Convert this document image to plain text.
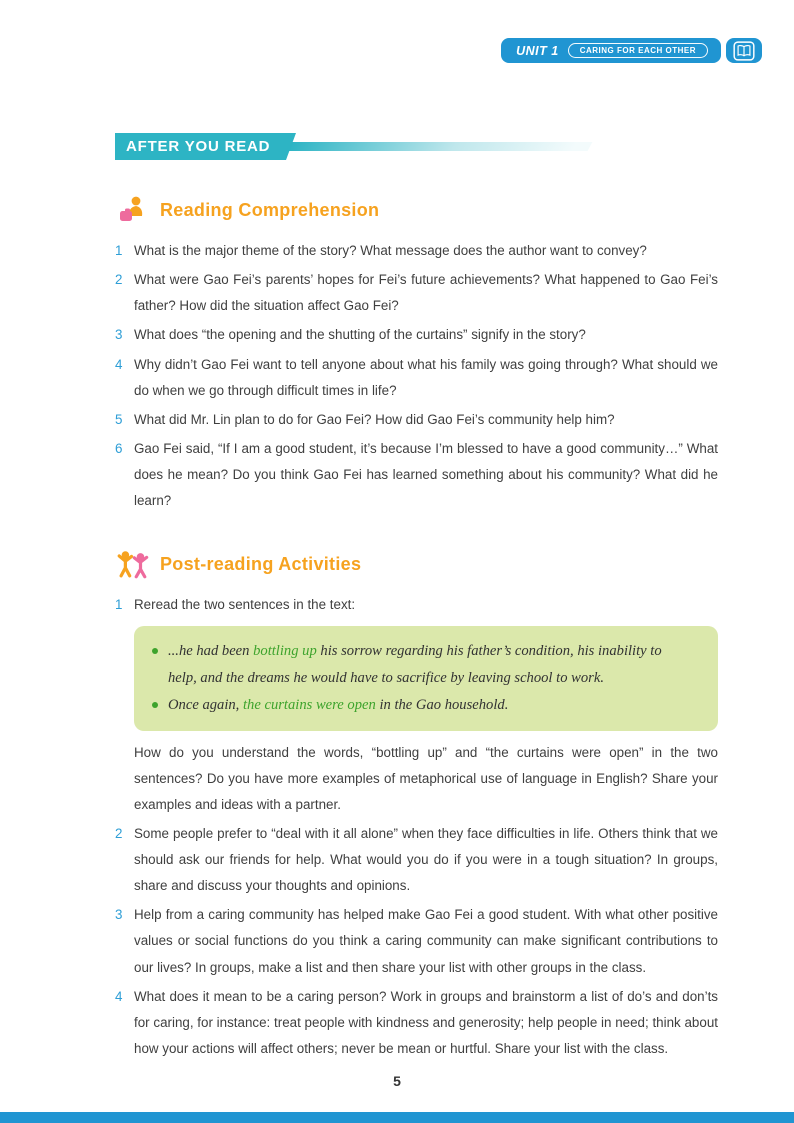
UNIT 1	CARING FOR EACH OTHER
AFTER YOU READ
Reading Comprehension
1 What is the major theme of the story? What message does the author want to convey?

2 What were Gao Fei’s parents’ hopes for Fei’s future achievements? What happened to Gao Fei’s father? How did the situation affect Gao Fei?

3 What does “the opening and the shutting of the curtains” signify in the story?

4 Why didn’t Gao Fei want to tell anyone about what his family was going through? What should we do when we go through difficult times in life?

5 What did Mr. Lin plan to do for Gao Fei? How did Gao Fei’s community help him?

6 Gao Fei said, “If I am a good student, it’s because I’m blessed to have a good community…” What does he mean? Do you think Gao Fei has learned something about his community? What did he learn?

Post-reading Activities
1 Reread the two sentences in the text:

...he had been bottling up his sorrow regarding his father’s condition, his inability to help, and the dreams he would have to sacrifice by leaving school to work.

Once again, the curtains were open in the Gao household.

How do you understand the words, “bottling up” and “the curtains were open” in the two sentences? Do you have more examples of metaphorical use of language in English? Share your examples and ideas with a partner.

2 Some people prefer to “deal with it all alone” when they face difficulties in life. Others think that we should ask our friends for help. What would you do if you were in a tough situation? In groups, share and discuss your thoughts and opinions.

3 Help from a caring community has helped make Gao Fei a good student. With what other positive values or social functions do you think a caring community can make significant contributions to our lives? In groups, make a list and then share your list with other groups in the class.

4 What does it mean to be a caring person? Work in groups and brainstorm a list of do’s and don’ts for caring, for instance: treat people with kindness and generosity; help people in need; think about how your actions will affect others; never be mean or hurtful. Share your list with the class.

5
